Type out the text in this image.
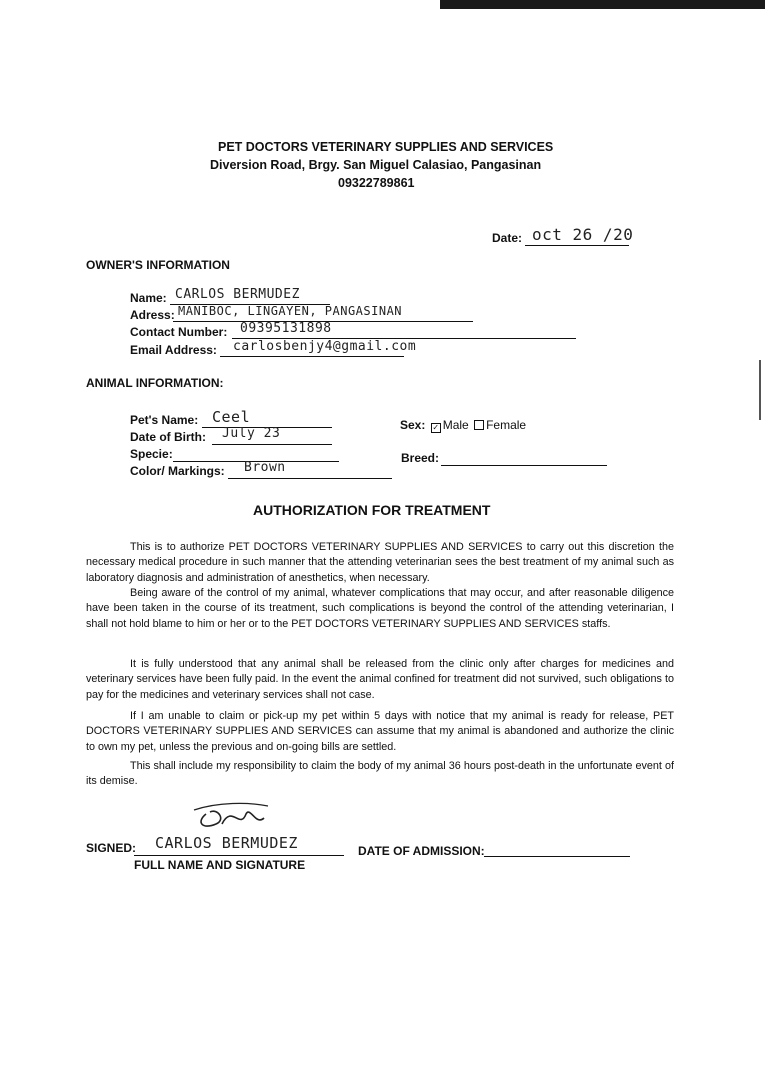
PET DOCTORS VETERINARY SUPPLIES AND SERVICES
Diversion Road, Brgy. San Miguel Calasiao, Pangasinan
09322789861
Date: oct 26 /20
OWNER'S INFORMATION
Name: CARLOS BERMUDEZ
Adress: MANIBOC, LINGAYEN, PANGASINAN
Contact Number: 09395131898
Email Address: carlosbenjy4@gmail.com
ANIMAL INFORMATION:
Pet's Name: Ceel
Date of Birth: July 23
Specie:
Color/ Markings: Brown
Sex: ✓ Male Female
Breed:
AUTHORIZATION FOR TREATMENT

This is to authorize PET DOCTORS VETERINARY SUPPLIES AND SERVICES to carry out this discretion the necessary medical procedure in such manner that the attending veterinarian sees the best treatment of my animal such as laboratory diagnosis and administration of anesthetics, when necessary.

Being aware of the control of my animal, whatever complications that may occur, and after reasonable diligence have been taken in the course of its treatment, such complications is beyond the control of the attending veterinarian, I shall not hold blame to him or her or to the PET DOCTORS VETERINARY SUPPLIES AND SERVICES staffs.

It is fully understood that any animal shall be released from the clinic only after charges for medicines and veterinary services have been fully paid. In the event the animal confined for treatment did not survived, such obligations to pay for the medicines and veterinary services shall not case.

If I am unable to claim or pick-up my pet within 5 days with notice that my animal is ready for release, PET DOCTORS VETERINARY SUPPLIES AND SERVICES can assume that my animal is abandoned and authorize the clinic to own my pet, unless the previous and on-going bills are settled.

This shall include my responsibility to claim the body of my animal 36 hours post-death in the unfortunate event of its demise.

SIGNED: CARLOS BERMUDEZ
FULL NAME AND SIGNATURE
DATE OF ADMISSION:
